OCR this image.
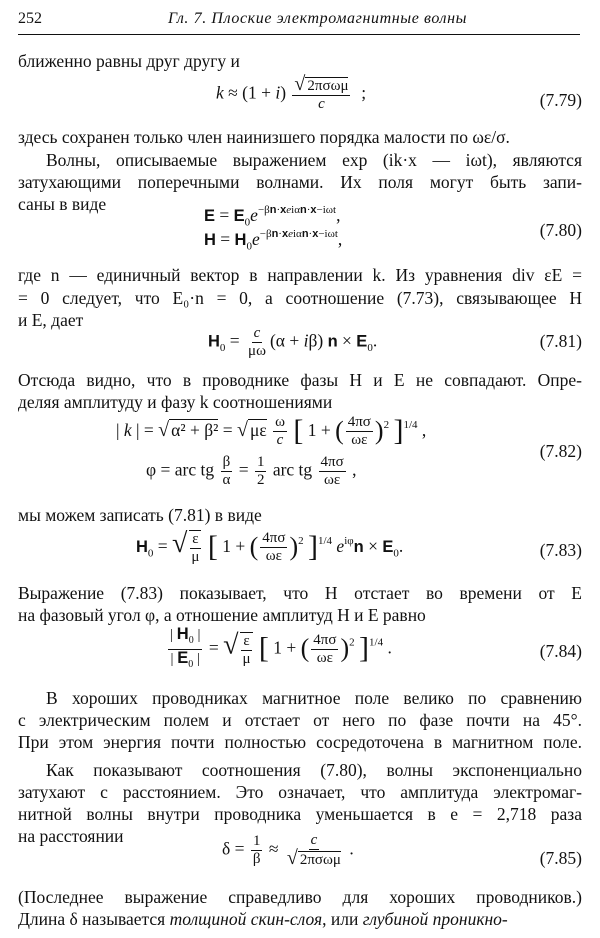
252	Гл. 7. Плоские электромагнитные волны
ближенно равны друг другу и
$k \approx (1 + i) \frac{\text{√ 2πσωμ}}{c}$ ;	(7.79)
здесь сохранен только член наинизшего порядка малости по ωε/σ.
Волны, описываемые выражением exp (ik·x — iωt), являются
затухающими поперечными волнами. Их поля могут быть запи-
саны в виде
$E = E_0e^{-\beta n\cdot xei\alpha n\cdot x-i\omega t}$,
$H = H_0e^{-\beta n\cdot xei\alpha n\cdot x-i\omega t}$,	(7.80)
где n — единичный вектор в направлении k. Из уравнения div εE =
= 0 следует, что E₀·n = 0, а соотношение (7.73), связывающее H
и E, дает
$H_0 = \frac{c}{\mu\omega} (\alpha + i\beta) n \times E_0$.	(7.81)
Отсюда видно, что в проводнике фазы H и E не совпадают. Опре-
деляя амплитуду и фазу k соотношениями
| k | = √ α² + β² = √ με $\frac{\omega}{c}$ [ 1 + ( $\frac{4\pi\sigma}{\omega\varepsilon} )^2$ ]$^{1/4}$ ,
φ = arc tg $\frac{\beta}{\alpha} = \frac{1}{2}$ arc tg $\frac{4\pi\sigma}{\omega\varepsilon}$ ,
(7.82)
мы можем записать (7.81) в виде
$H_0$ = √ $\frac{\varepsilon}{\mu}$ [ 1 + ( $\frac{4\pi\sigma}{\omega\varepsilon} )^2$ ]$^{1/4}$ $e^{i\varphi}n \times E_0$.	(7.83)
Выражение (7.83) показывает, что H отстает во времени от E
на фазовый угол φ, а отношение амплитуд H и E равно
$\frac{| H_0 |}{| E_0 |}$ = √ $\frac{\varepsilon}{\mu}$ [ 1 + ( $\frac{4\pi\sigma}{\omega\varepsilon} )^2$ ]$^{1/4}$ .	(7.84)
В хороших проводниках магнитное поле велико по сравнению
с электрическим полем и отстает от него по фазе почти на 45°.
При этом энергия почти полностью сосредоточена в магнитном поле.
Как показывают соотношения (7.80), волны экспоненциально
затухают с расстоянием. Это означает, что амплитуда электромаг-
нитной волны внутри проводника уменьшается в e = 2,718 раза
на расстоянии
$\delta = \frac{1}{\beta} \approx \frac{c}{\text{√ 2πσωμ}}$ .	(7.85)
(Последнее выражение справедливо для хороших проводников.)
Длина δ называется толщиной скин-слоя, или глубиной проникно-
